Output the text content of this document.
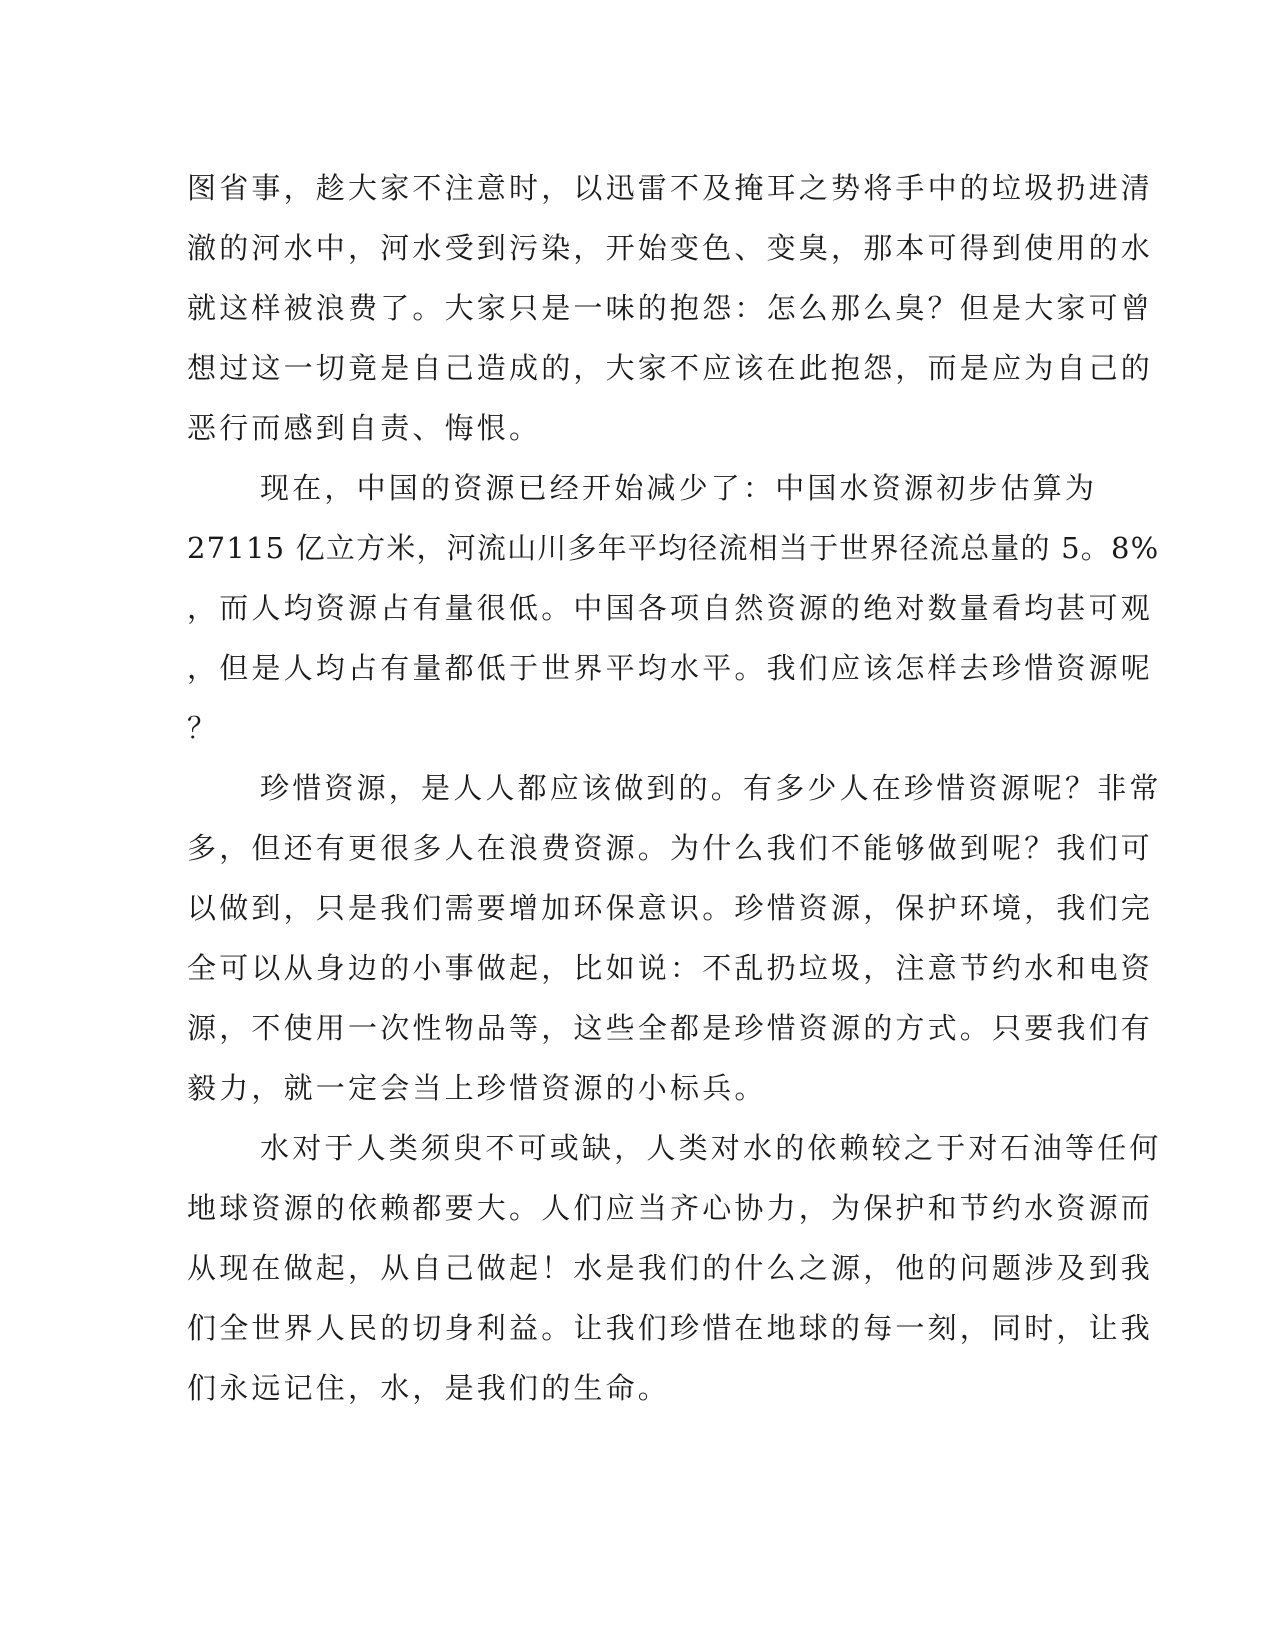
图省事，趁大家不注意时，以迅雷不及掩耳之势将手中的垃圾扔进清
澈的河水中，河水受到污染，开始变色、变臭，那本可得到使用的水
就这样被浪费了。大家只是一味的抱怨：怎么那么臭？但是大家可曾
想过这一切竟是自己造成的，大家不应该在此抱怨，而是应为自己的
恶行而感到自责、悔恨。
现在，中国的资源已经开始减少了：中国水资源初步估算为
27115 亿立方米，河流山川多年平均径流相当于世界径流总量的 5。8%
，而人均资源占有量很低。中国各项自然资源的绝对数量看均甚可观
，但是人均占有量都低于世界平均水平。我们应该怎样去珍惜资源呢
？
珍惜资源，是人人都应该做到的。有多少人在珍惜资源呢？非常
多，但还有更很多人在浪费资源。为什么我们不能够做到呢？我们可
以做到，只是我们需要增加环保意识。珍惜资源，保护环境，我们完
全可以从身边的小事做起，比如说：不乱扔垃圾，注意节约水和电资
源，不使用一次性物品等，这些全都是珍惜资源的方式。只要我们有
毅力，就一定会当上珍惜资源的小标兵。
水对于人类须臾不可或缺，人类对水的依赖较之于对石油等任何
地球资源的依赖都要大。人们应当齐心协力，为保护和节约水资源而
从现在做起，从自己做起！水是我们的什么之源，他的问题涉及到我
们全世界人民的切身利益。让我们珍惜在地球的每一刻，同时，让我
们永远记住，水，是我们的生命。
